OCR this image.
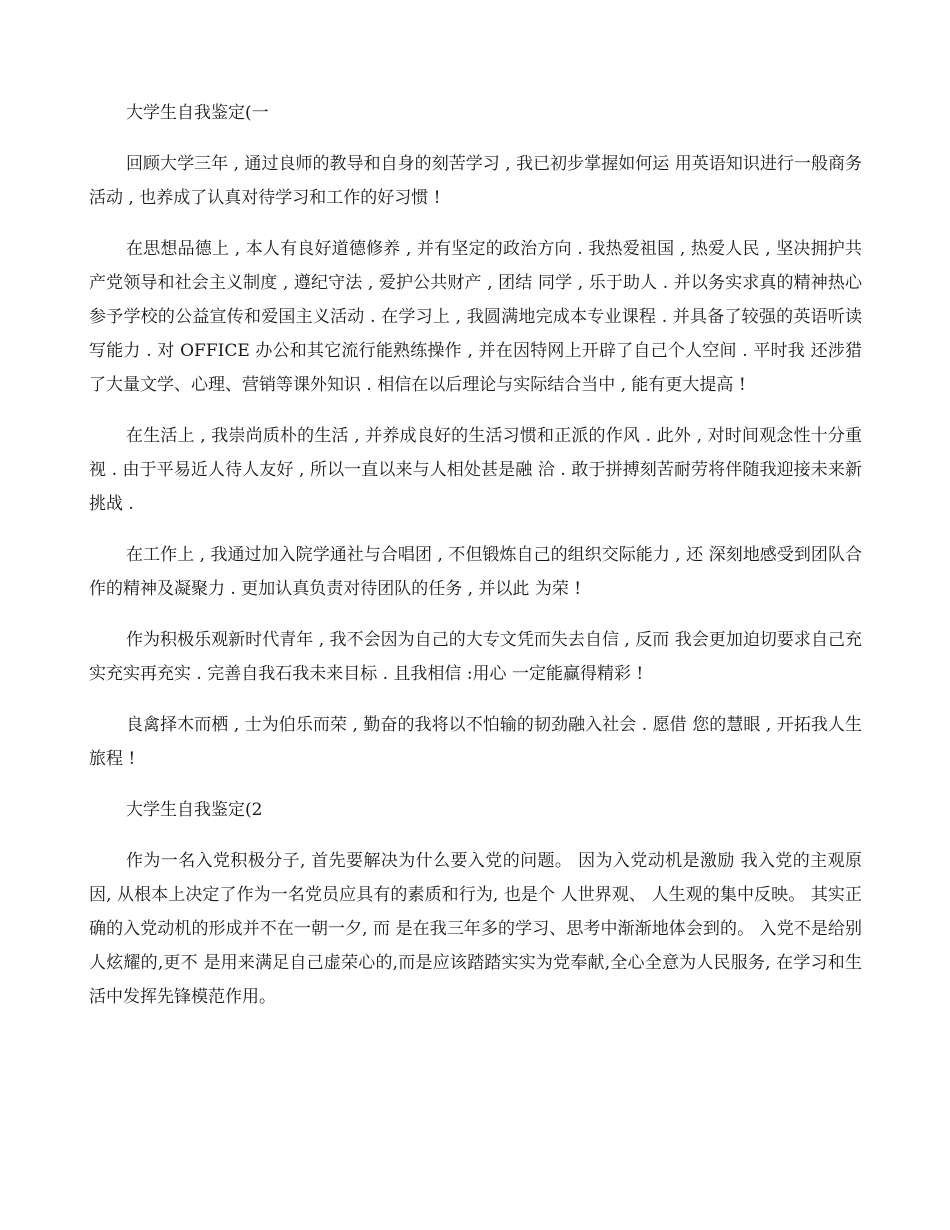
大学生自我鉴定(一

回顾大学三年 , 通过良师的教导和自身的刻苦学习 , 我已初步掌握如何运 用英语知识进行一般商务活动 , 也养成了认真对待学习和工作的好习惯 !

在思想品德上 , 本人有良好道德修养 , 并有坚定的政治方向 . 我热爱祖国 , 热爱人民 , 坚决拥护共产党领导和社会主义制度 , 遵纪守法 , 爱护公共财产 , 团结 同学 , 乐于助人 . 并以务实求真的精神热心参予学校的公益宣传和爱国主义活动 . 在学习上 , 我圆满地完成本专业课程 . 并具备了较强的英语听读写能力 . 对 OFFICE 办公和其它流行能熟练操作 , 并在因特网上开辟了自己个人空间 . 平时我 还涉猎了大量文学、心理、营销等课外知识 . 相信在以后理论与实际结合当中 , 能有更大提高 !

在生活上 , 我崇尚质朴的生活 , 并养成良好的生活习惯和正派的作风 . 此外 , 对时间观念性十分重视 . 由于平易近人待人友好 , 所以一直以来与人相处甚是融 洽 . 敢于拼搏刻苦耐劳将伴随我迎接未来新挑战 .

在工作上 , 我通过加入院学通社与合唱团 , 不但锻炼自己的组织交际能力 , 还 深刻地感受到团队合作的精神及凝聚力 . 更加认真负责对待团队的任务 , 并以此 为荣 !

作为积极乐观新时代青年 , 我不会因为自己的大专文凭而失去自信 , 反而 我会更加迫切要求自己充实充实再充实 . 完善自我石我未来目标 . 且我相信 :用心 一定能赢得精彩 !

良禽择木而栖 , 士为伯乐而荣 , 勤奋的我将以不怕输的韧劲融入社会 . 愿借 您的慧眼 , 开拓我人生旅程 !

大学生自我鉴定(2

作为一名入党积极分子, 首先要解决为什么要入党的问题。 因为入党动机是激励 我入党的主观原因, 从根本上决定了作为一名党员应具有的素质和行为, 也是个 人世界观、 人生观的集中反映。 其实正确的入党动机的形成并不在一朝一夕, 而 是在我三年多的学习、思考中渐渐地体会到的。 入党不是给别人炫耀的,更不 是用来满足自己虚荣心的,而是应该踏踏实实为党奉献,全心全意为人民服务, 在学习和生活中发挥先锋模范作用。
